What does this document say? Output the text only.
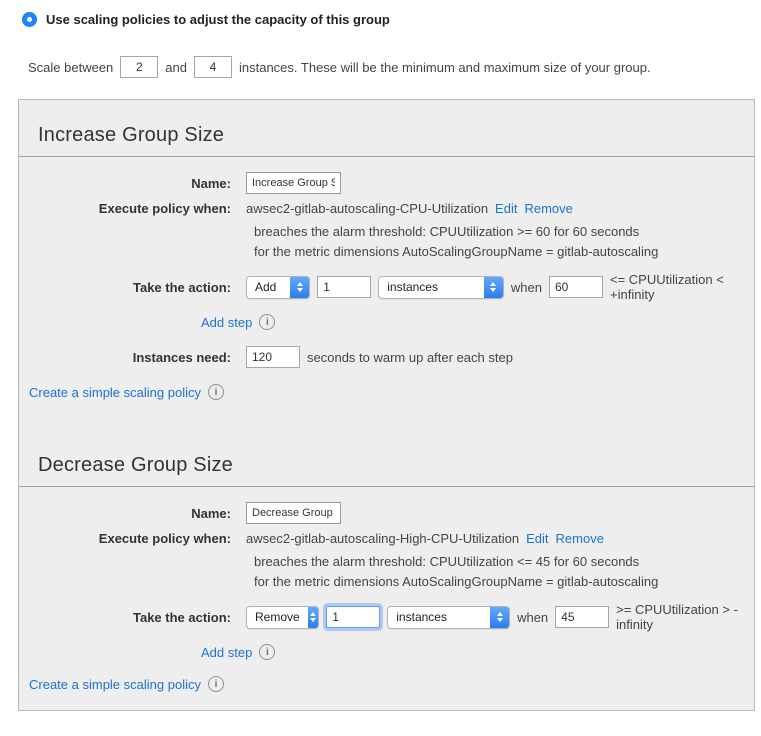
Use scaling policies to adjust the capacity of this group
Scale between
2	and
4	instances. These will be the minimum and maximum size of your group.
Increase Group Size
Name:
Increase Group Size
Execute policy when: awsec2-gitlab-autoscaling-CPU-Utilization Edit Remove
breaches the alarm threshold: CPUUtilization >= 60 for 60 seconds
for the metric dimensions AutoScalingGroupName = gitlab-autoscaling
Take the action:	Add
1	instances	when
60	<= CPUUtilization < +infinity
Add step	i
Instances need:
120	seconds to warm up after each step
Create a simple scaling policy	i
Decrease Group Size
Name:
Decrease Group Size
Execute policy when: awsec2-gitlab-autoscaling-High-CPU-Utilization Edit Remove
breaches the alarm threshold: CPUUtilization <= 45 for 60 seconds
for the metric dimensions AutoScalingGroupName = gitlab-autoscaling
Take the action:	Remove
1	instances	when
45	>= CPUUtilization > -infinity
Add step	i
Create a simple scaling policy	i
